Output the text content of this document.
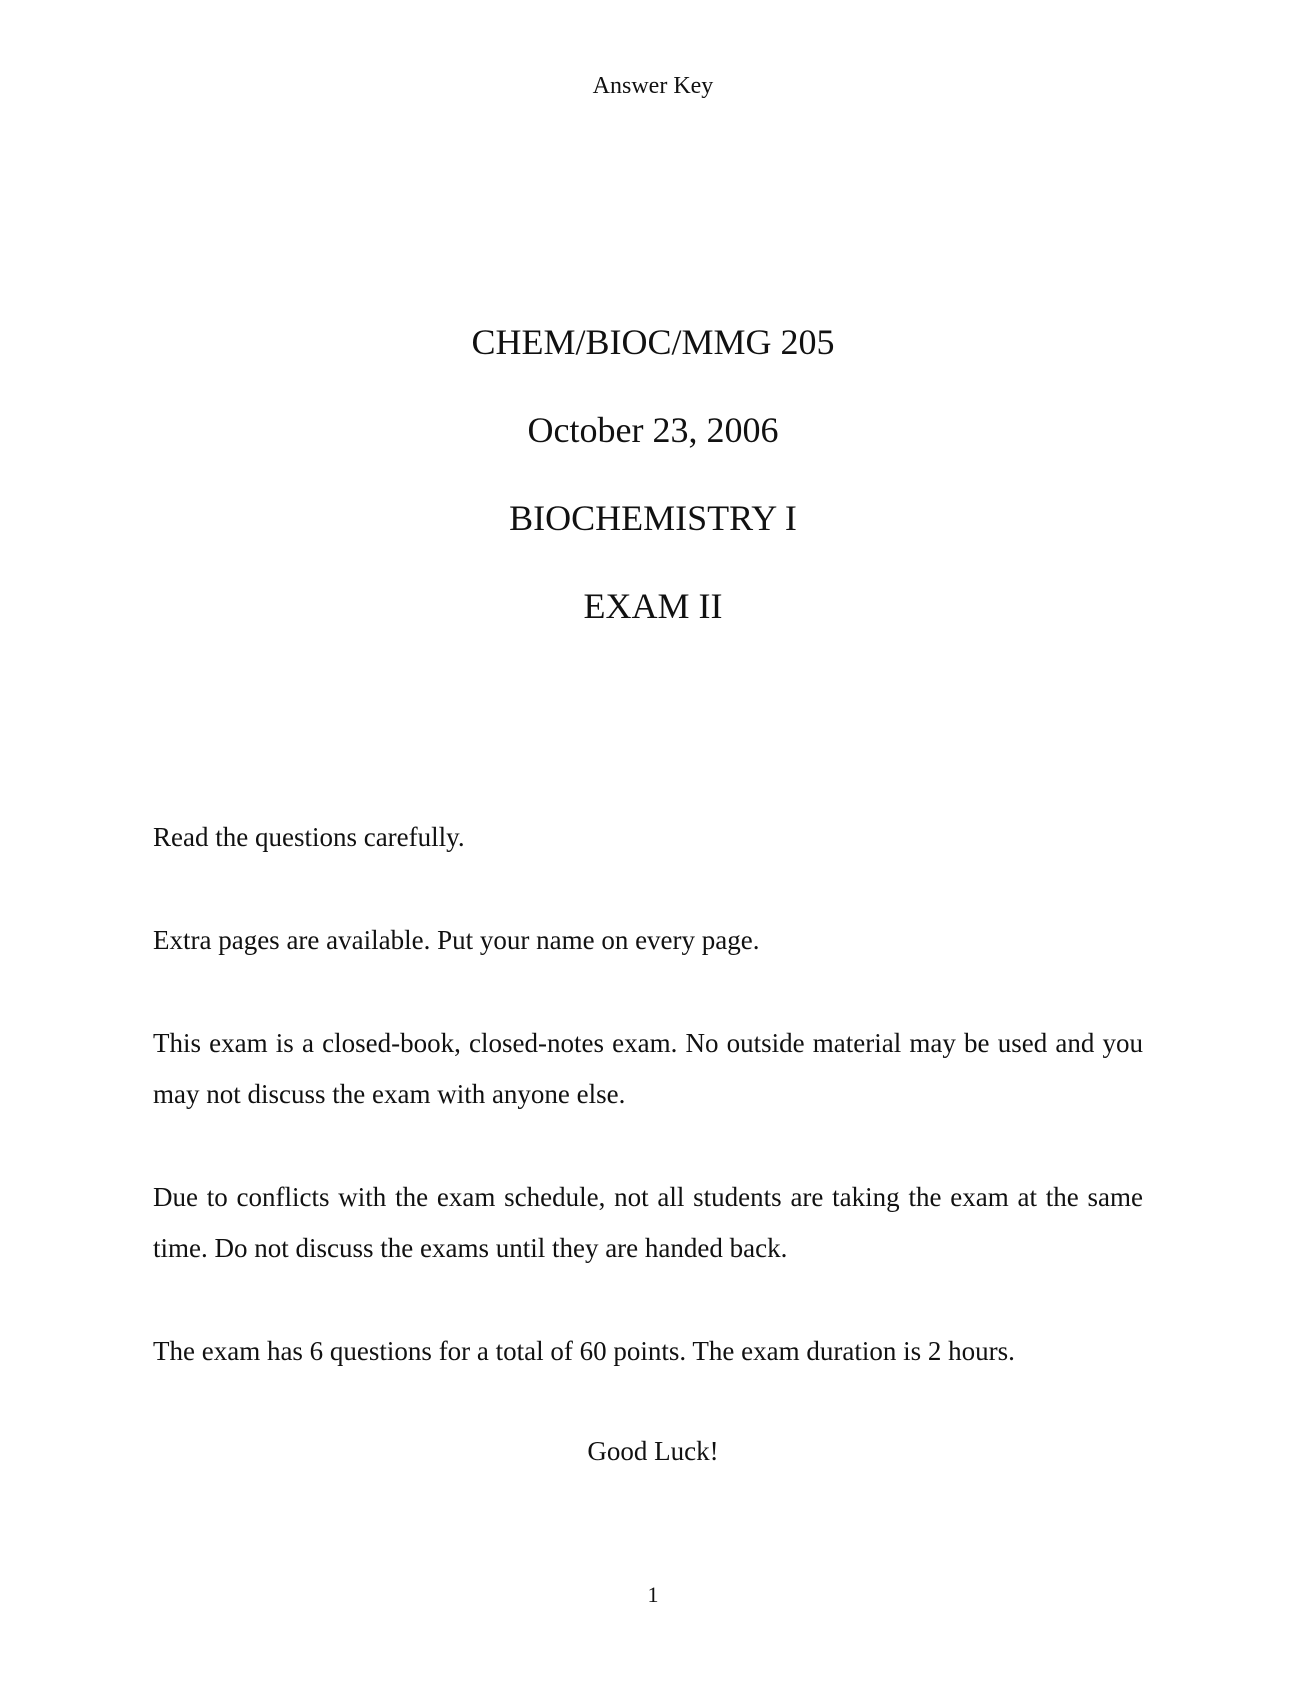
Answer Key
CHEM/BIOC/MMG 205
October 23, 2006
BIOCHEMISTRY I
EXAM II

Read the questions carefully.

Extra pages are available. Put your name on every page.

This exam is a closed-book, closed-notes exam. No outside material may be used and you may not discuss the exam with anyone else.

Due to conflicts with the exam schedule, not all students are taking the exam at the same time. Do not discuss the exams until they are handed back.

The exam has 6 questions for a total of 60 points. The exam duration is 2 hours.

Good Luck!
1
